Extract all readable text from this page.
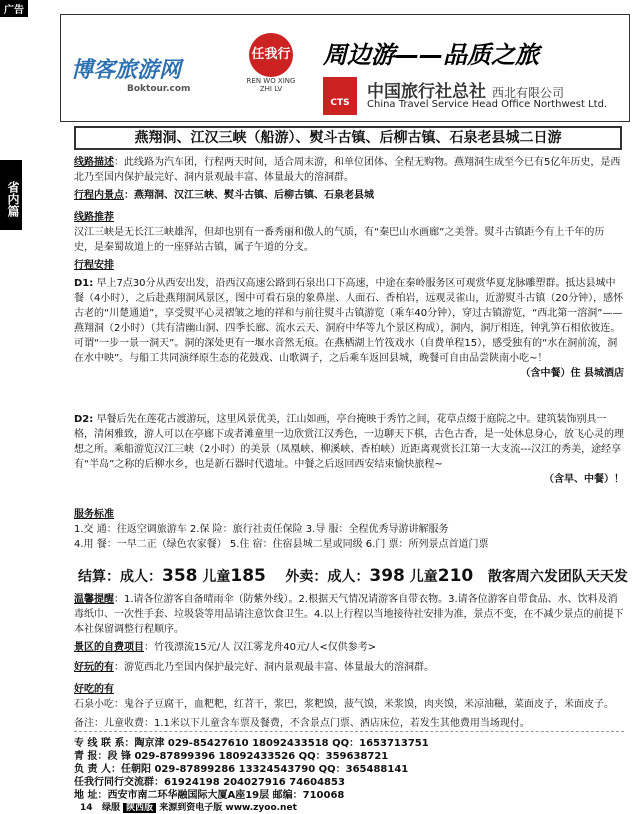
广告
省内篇
博客旅游网
Boktour.com
任我行
REN WO XING ZHI LV
周边游——品质之旅
CTS
中国旅行社总社 西北有限公司
China Travel Service Head Office Northwest Ltd.
燕翔洞、江汉三峡（船游）、熨斗古镇、后柳古镇、石泉老县城二日游
线路描述：此线路为汽车团，行程两天时间，适合周末游，和单位团体、全程无购物。燕翔洞生成至今已有5亿年历史，是西北乃至国内保护最完好、洞内景观最丰富、体量最大的溶洞群。
行程内景点：燕翔洞、汉江三峡、熨斗古镇、后柳古镇、石泉老县城
线路推荐
汉江三峡是无长江三峡雄浑，但却也别有一番秀丽和傲人的气质，有“秦巴山水画廊”之美誉。熨斗古镇距今有上千年的历史，是秦蜀故道上的一座驿站古镇，属子午道的分支。
行程安排
D1: 早上7点30分从西安出发，沿西汉高速公路到石泉出口下高速，中途在秦岭服务区可观赏华夏龙脉雕塑群。抵达县城中餐（4小时），之后赴燕翔洞风景区，图中可看石泉的象鼻崖、人面石、香柏岩，远观灵雀山，近游熨斗古镇（20分钟），感怀古老的“川楚通道”，享受熨平心灵褶皱之地的祥和与前往熨斗古镇游览（乘车40分钟），穿过古镇游览，“西北第一溶洞”——燕翔洞（2小时）（共有清幽山洞、四季长廊、流水云天、洞府中华等九个景区构成），洞内，洞厅相连，钟乳笋石相依彼连。可谓“一步一景一洞天”。洞的深处更有一堰水音然无痕。在燕栖湖上竹筏戏水（自费单程15），感受独有的“水在洞前流，洞在水中映”。与船工共同演绎原生态的花鼓戏、山歌调子，之后乘车返回县城，晚餐可自由品尝陕南小吃~！
（含中餐）住 县城酒店
D2: 早餐后先在莲花古渡游玩，这里风景优美，江山如画，亭台掩映于秀竹之间，花草点缀于庭院之中。建筑装饰别具一格，清闲雅致，游人可以在亭廊下或者滩童里一边欣赏江汉秀色，一边聊天下棋，古色古香，是一处休息身心，放飞心灵的理想之所。乘船游览汉江三峡（2小时）的美景（凤凰峡、柳溪峡、香柏峡）近距离观赏长江第一大支流---汉江的秀美，途经享有“半岛”之称的后柳水乡，也是新石器时代遗址。中餐之后返回西安结束愉快旅程~
（含早、中餐）！
服务标准
1.交 通：往返空调旅游车 2.保 险：旅行社责任保险 3.导 服：全程优秀导游讲解服务
4.用 餐：一早二正（绿色农家餐） 5.住 宿：住宿县城二星或同级 6.门 票：所列景点首道门票
结算：成人：358 儿童185 外卖：成人：398 儿童210 散客周六发团队天天发
温馨提醒：1.请各位游客自备晴雨伞（防紫外线）。2.根据天气情况请游客自带衣物。3.请各位游客自带食品、水、饮料及消毒纸巾、一次性手套、垃圾袋等用品请注意饮食卫生。4.以上行程以当地接待社安排为准，景点不变，在不减少景点的前提下本社保留调整行程顺序。
景区的自费项目：竹筏漂流15元/人 汉江雾龙舟40元/人<仅供参考>
好玩的有：游览西北乃至国内保护最完好、洞内景观最丰富、体量最大的溶洞群。
好吃的有
石泉小吃：鬼谷子豆腐干，血粑粑，红苕干，浆巴，浆粑馍，菠气馍，米浆馍，肉夹馍，米凉油糍，菜面皮子，米面皮子。
备注：儿童收费：1.1米以下儿童含车票及餐费，不含景点门票、酒店床位，若发生其他费用当场现付。
专 线 联 系：陶京津 029-85427610 18092433518 QQ：1653713751
青 报：段 锋 029-87899396 18092433526 QQ：359638721
负 责 人：任朝阳 029-87899286 13324543790 QQ：365488141
任我行同行交流群：61924198 204027916 74604853
地 址：西安市南二环华融国际大厦A座19层 邮编：710068
14 绿服 陕西版 来源到资电子版 www.zyoo.net
